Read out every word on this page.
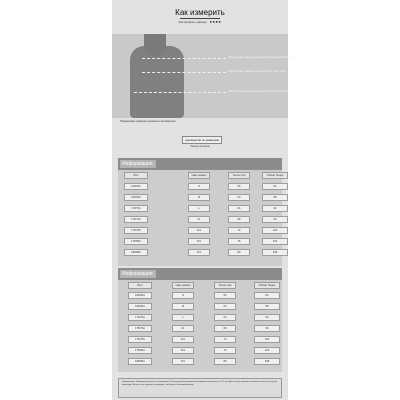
Как измерить
Как выбрать размер ●●●●
Обхват груди: измерьте по самой выступающей части груди
Обхват талии: измерьте по самой узкой части талии
Обхват бёдер: измерьте по самой широкой части бёдер
Примечание: размеры указаны в сантиметрах
руководство по размерам
Размер на выбор
Информация
Рост	Наш размер	Талия (см)	Обхват бёдер
160/62A	S	56	84
165/66A	M	60	88
170/70A	L	64	92
175/74A	XL	68	96
175/78A	2XL	72	100
175/82A	3XL	76	104
180/86A	4XL	80	108
Информация
Рост	Наш размер	Талия (см)	Обхват бёдер
160/62A	S	56	84
165/66A	M	60	88
170/70A	L	64	92
175/74A	XL	68	96
175/78A	2XL	72	100
175/82A	3XL	76	104
180/86A	4XL	80	108
Примечание: Размеры указаны в сантиметрах. Из-за ручного измерения возможна погрешность 1-3 см. Цвета могут немного отличаться из-за настроек монитора. Если вы не уверены в размере, выберите больший размер.
